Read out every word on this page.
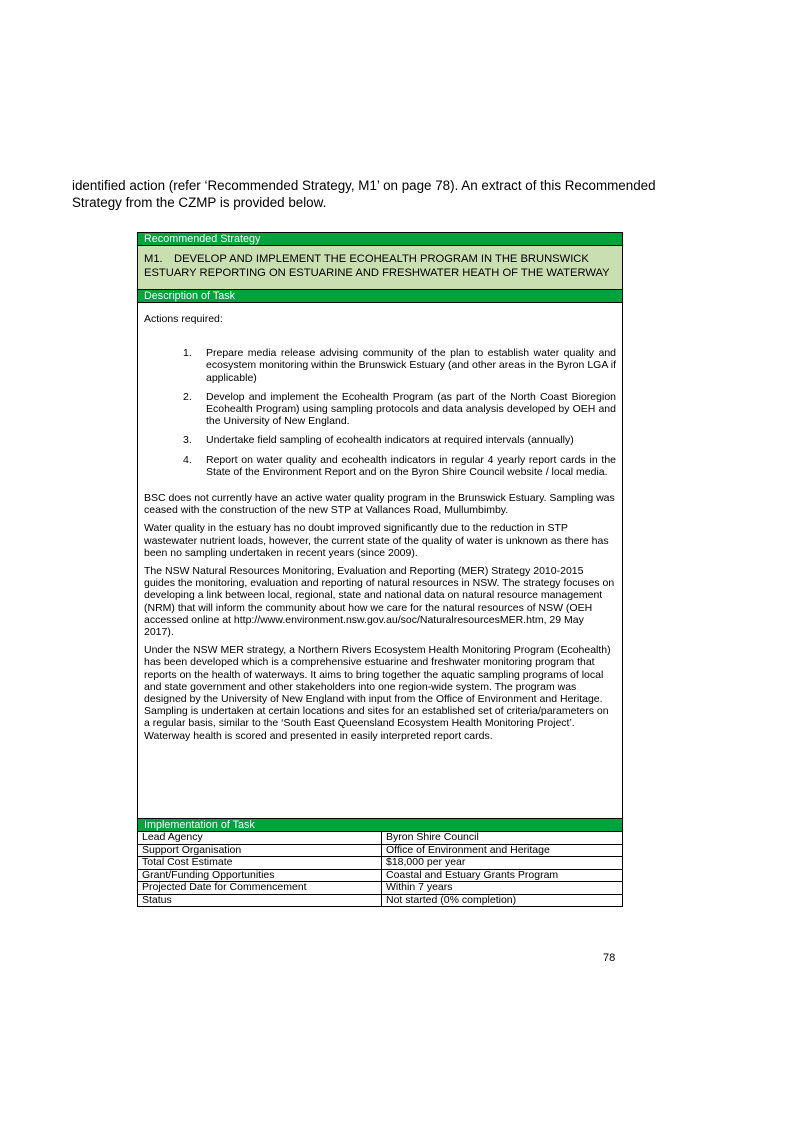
identified action (refer ‘Recommended Strategy, M1’ on page 78). An extract of this Recommended
Strategy from the CZMP is provided below.
Recommended Strategy
M1. DEVELOP AND IMPLEMENT THE ECOHEALTH PROGRAM IN THE BRUNSWICK
ESTUARY REPORTING ON ESTUARINE AND FRESHWATER HEATH OF THE WATERWAY
Description of Task

Actions required:

1. Prepare media release advising community of the plan to establish water quality and ecosystem monitoring within the Brunswick Estuary (and other areas in the Byron LGA if applicable)
2. Develop and implement the Ecohealth Program (as part of the North Coast Bioregion Ecohealth Program) using sampling protocols and data analysis developed by OEH and the University of New England.
3. Undertake field sampling of ecohealth indicators at required intervals (annually)
4. Report on water quality and ecohealth indicators in regular 4 yearly report cards in the State of the Environment Report and on the Byron Shire Council website / local media.

BSC does not currently have an active water quality program in the Brunswick Estuary. Sampling was ceased with the construction of the new STP at Vallances Road, Mullumbimby.

Water quality in the estuary has no doubt improved significantly due to the reduction in STP wastewater nutrient loads, however, the current state of the quality of water is unknown as there has been no sampling undertaken in recent years (since 2009).

The NSW Natural Resources Monitoring, Evaluation and Reporting (MER) Strategy 2010-2015 guides the monitoring, evaluation and reporting of natural resources in NSW. The strategy focuses on developing a link between local, regional, state and national data on natural resource management (NRM) that will inform the community about how we care for the natural resources of NSW (OEH accessed online at http://www.environment.nsw.gov.au/soc/NaturalresourcesMER.htm, 29 May 2017).

Under the NSW MER strategy, a Northern Rivers Ecosystem Health Monitoring Program (Ecohealth) has been developed which is a comprehensive estuarine and freshwater monitoring program that reports on the health of waterways. It aims to bring together the aquatic sampling programs of local and state government and other stakeholders into one region-wide system. The program was designed by the University of New England with input from the Office of Environment and Heritage. Sampling is undertaken at certain locations and sites for an established set of criteria/parameters on a regular basis, similar to the ‘South East Queensland Ecosystem Health Monitoring Project’. Waterway health is scored and presented in easily interpreted report cards.

Implementation of Task
Lead Agency	Byron Shire Council
Support Organisation	Office of Environment and Heritage
Total Cost Estimate	$18,000 per year
Grant/Funding Opportunities	Coastal and Estuary Grants Program
Projected Date for Commencement	Within 7 years
Status	Not started (0% completion)
78
